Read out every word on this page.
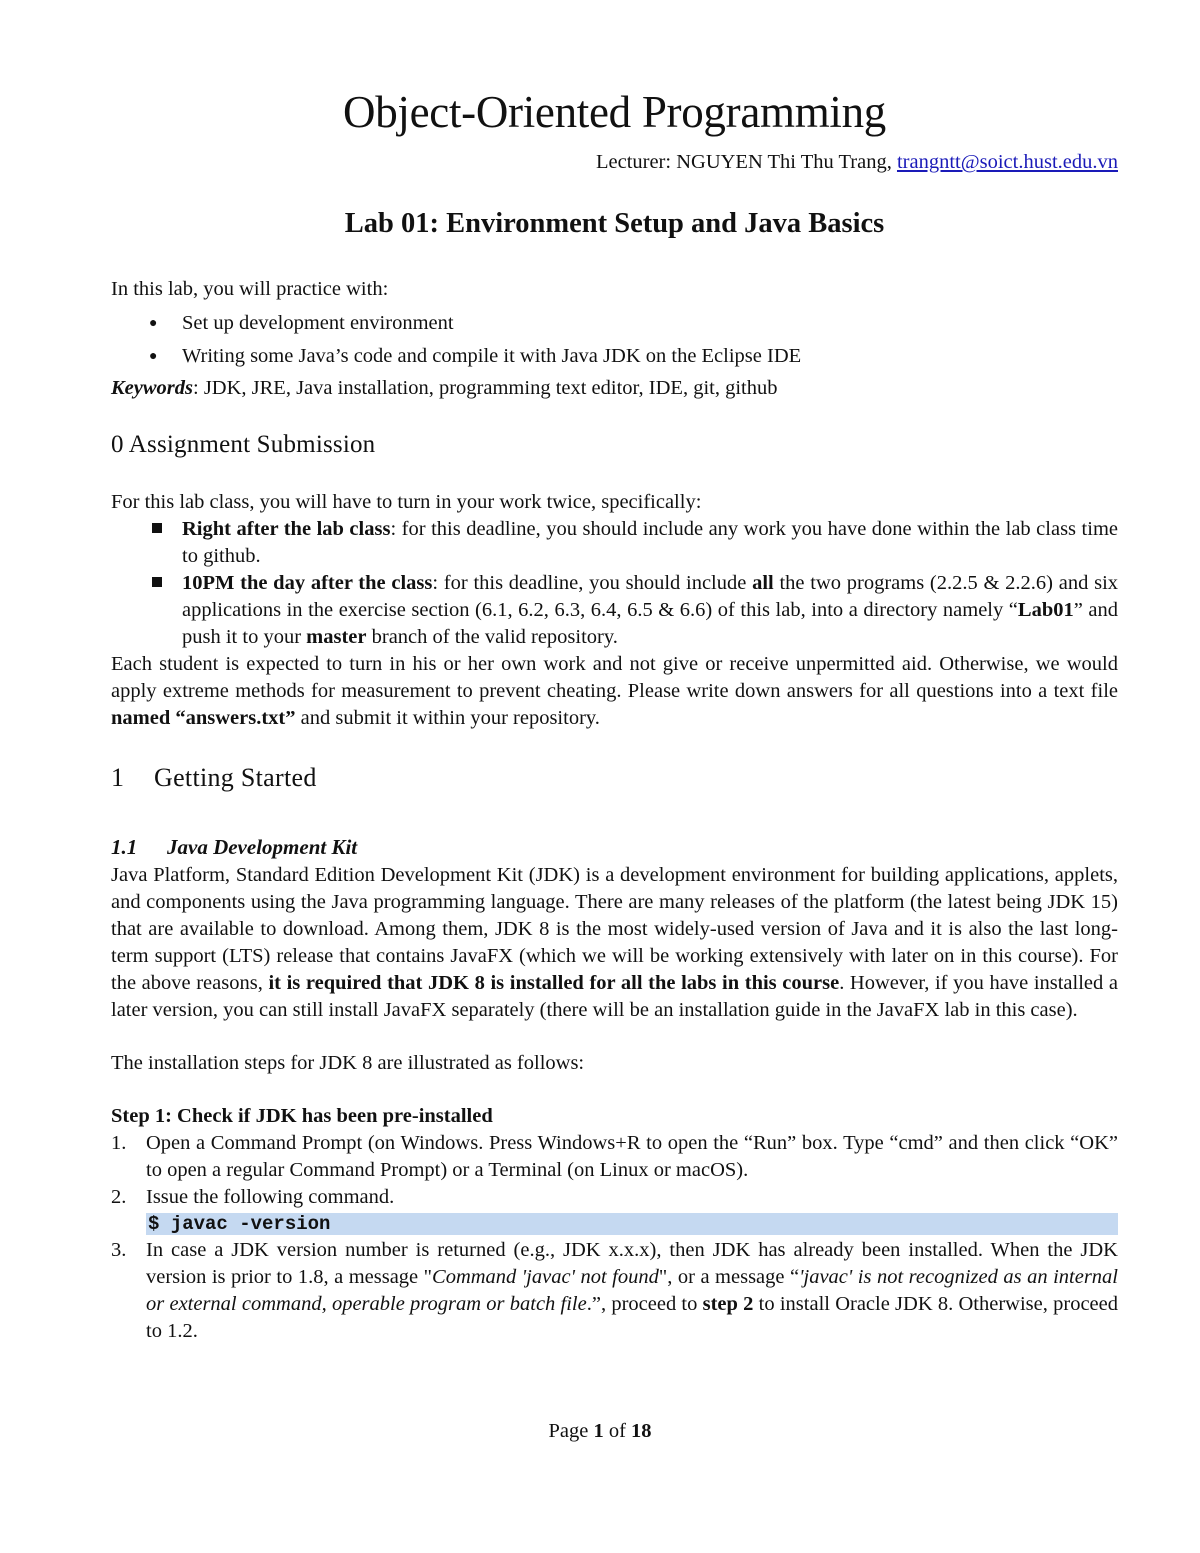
Object-Oriented Programming
Lecturer: NGUYEN Thi Thu Trang, trangntt@soict.hust.edu.vn
Lab 01: Environment Setup and Java Basics
In this lab, you will practice with:
● Set up development environment
● Writing some Java’s code and compile it with Java JDK on the Eclipse IDE
Keywords: JDK, JRE, Java installation, programming text editor, IDE, git, github
0 Assignment Submission
For this lab class, you will have to turn in your work twice, specifically:
Right after the lab class: for this deadline, you should include any work you have done within the lab class time to github.
10PM the day after the class: for this deadline, you should include all the two programs (2.2.5 & 2.2.6) and six applications in the exercise section (6.1, 6.2, 6.3, 6.4, 6.5 & 6.6) of this lab, into a directory namely “Lab01” and push it to your master branch of the valid repository.
Each student is expected to turn in his or her own work and not give or receive unpermitted aid. Otherwise, we would apply extreme methods for measurement to prevent cheating. Please write down answers for all questions into a text file named “answers.txt” and submit it within your repository.
1 Getting Started
1.1 Java Development Kit
Java Platform, Standard Edition Development Kit (JDK) is a development environment for building applications, applets, and components using the Java programming language. There are many releases of the platform (the latest being JDK 15) that are available to download. Among them, JDK 8 is the most widely-used version of Java and it is also the last long-term support (LTS) release that contains JavaFX (which we will be working extensively with later on in this course). For the above reasons, it is required that JDK 8 is installed for all the labs in this course. However, if you have installed a later version, you can still install JavaFX separately (there will be an installation guide in the JavaFX lab in this case).
The installation steps for JDK 8 are illustrated as follows:
Step 1: Check if JDK has been pre-installed
1. Open a Command Prompt (on Windows. Press Windows+R to open the “Run” box. Type “cmd” and then click “OK” to open a regular Command Prompt) or a Terminal (on Linux or macOS).
2. Issue the following command.
$ javac -version
3. In case a JDK version number is returned (e.g., JDK x.x.x), then JDK has already been installed. When the JDK version is prior to 1.8, a message "Command 'javac' not found", or a message “'javac' is not recognized as an internal or external command, operable program or batch file.”, proceed to step 2 to install Oracle JDK 8. Otherwise, proceed to 1.2.
Page 1 of 18
